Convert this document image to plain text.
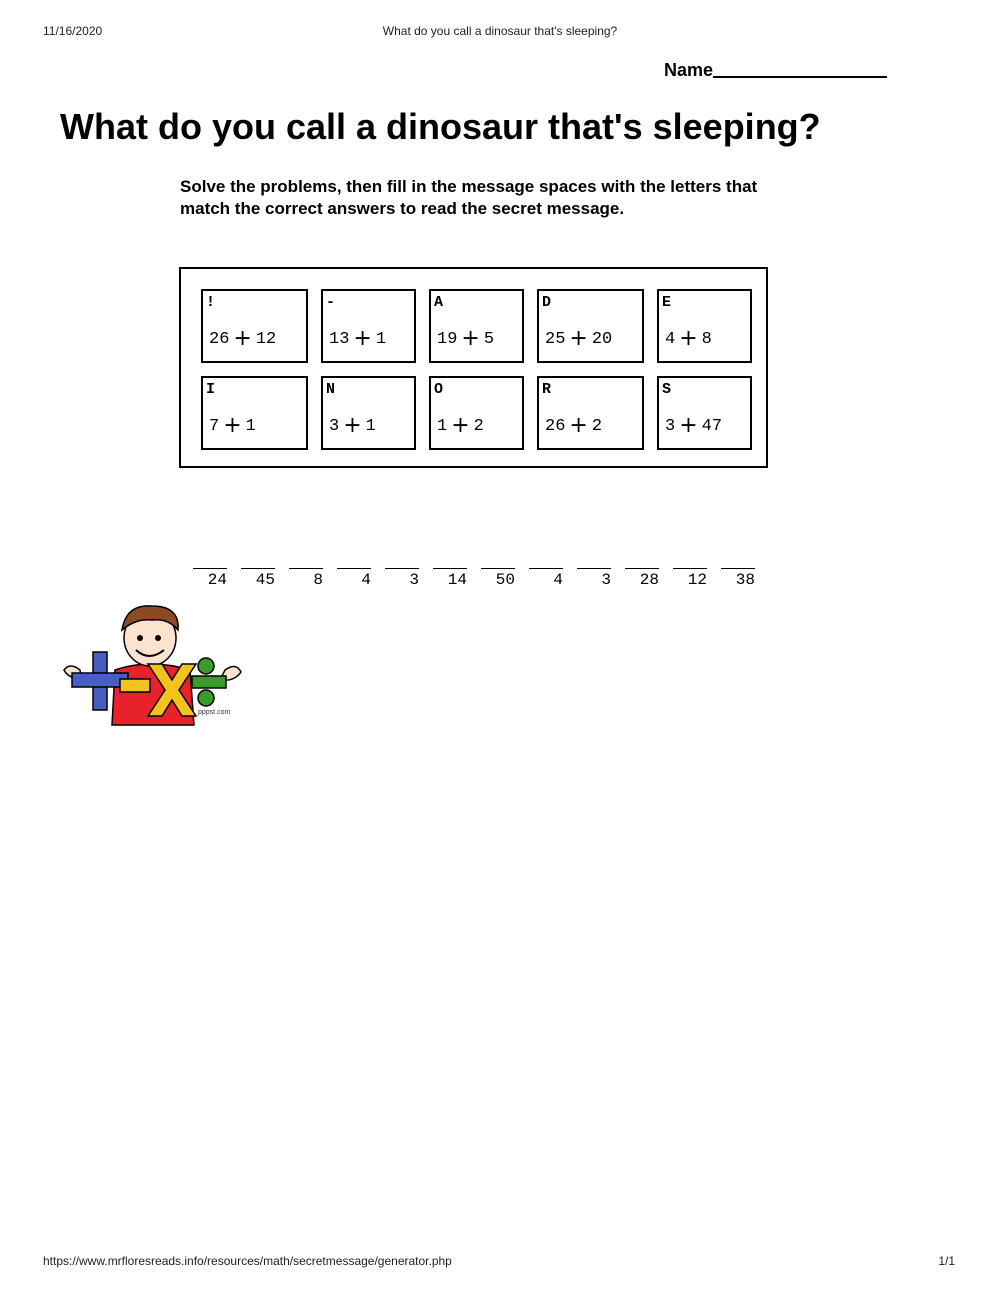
11/16/2020	What do you call a dinosaur that's sleeping?
Name
What do you call a dinosaur that's sleeping?

Solve the problems, then fill in the message spaces with the letters that match the correct answers to read the secret message.

!
26 + 12
-
13 + 1
A
19 + 5
D
25 + 20
E
4 + 8
I
7 + 1
N
3 + 1
O
1 + 2
R
26 + 2
S
3 + 47
24 45 8 4 3 14 50 4 3 28 12 38
pppst.com
https://www.mrfloresreads.info/resources/math/secretmessage/generator.php	1/1
